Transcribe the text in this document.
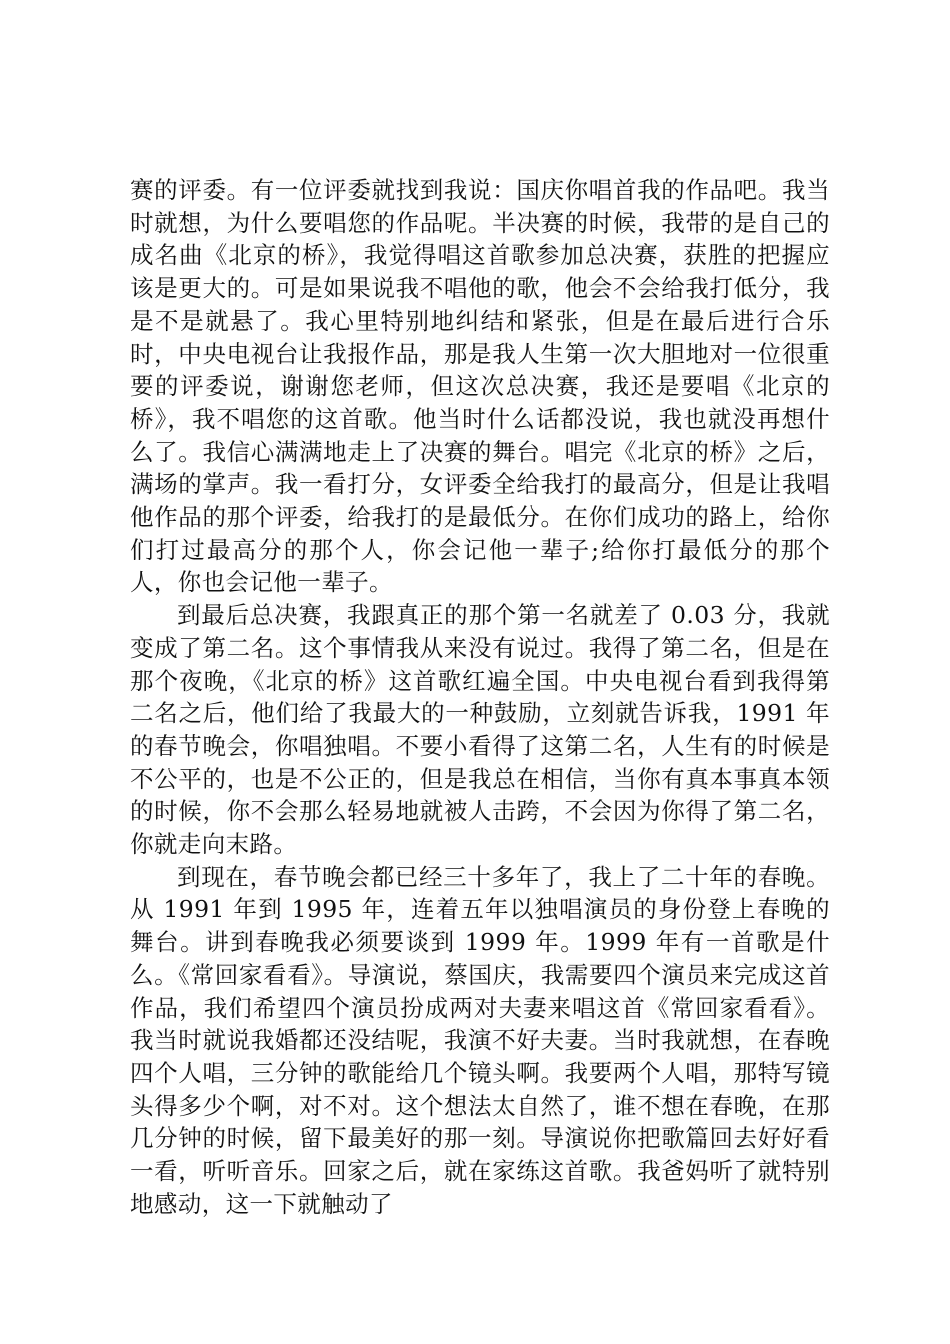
赛的评委。有一位评委就找到我说：国庆你唱首我的作品吧。我当时就想，为什么要唱您的作品呢。半决赛的时候，我带的是自己的成名曲《北京的桥》，我觉得唱这首歌参加总决赛，获胜的把握应该是更大的。可是如果说我不唱他的歌，他会不会给我打低分，我是不是就悬了。我心里特别地纠结和紧张，但是在最后进行合乐时，中央电视台让我报作品，那是我人生第一次大胆地对一位很重要的评委说，谢谢您老师，但这次总决赛，我还是要唱《北京的桥》，我不唱您的这首歌。他当时什么话都没说，我也就没再想什么了。我信心满满地走上了决赛的舞台。唱完《北京的桥》之后，满场的掌声。我一看打分，女评委全给我打的最高分，但是让我唱他作品的那个评委，给我打的是最低分。在你们成功的路上，给你们打过最高分的那个人，你会记他一辈子;给你打最低分的那个人，你也会记他一辈子。

到最后总决赛，我跟真正的那个第一名就差了 0.03 分，我就变成了第二名。这个事情我从来没有说过。我得了第二名，但是在那个夜晚，《北京的桥》这首歌红遍全国。中央电视台看到我得第二名之后，他们给了我最大的一种鼓励，立刻就告诉我，1991 年的春节晚会，你唱独唱。不要小看得了这第二名，人生有的时候是不公平的，也是不公正的，但是我总在相信，当你有真本事真本领的时候，你不会那么轻易地就被人击跨，不会因为你得了第二名，你就走向末路。

到现在，春节晚会都已经三十多年了，我上了二十年的春晚。从 1991 年到 1995 年，连着五年以独唱演员的身份登上春晚的舞台。讲到春晚我必须要谈到 1999 年。1999 年有一首歌是什么。《常回家看看》。导演说，蔡国庆，我需要四个演员来完成这首作品，我们希望四个演员扮成两对夫妻来唱这首《常回家看看》。我当时就说我婚都还没结呢，我演不好夫妻。当时我就想，在春晚四个人唱，三分钟的歌能给几个镜头啊。我要两个人唱，那特写镜头得多少个啊，对不对。这个想法太自然了，谁不想在春晚，在那几分钟的时候，留下最美好的那一刻。导演说你把歌篇回去好好看一看，听听音乐。回家之后，就在家练这首歌。我爸妈听了就特别地感动，这一下就触动了
